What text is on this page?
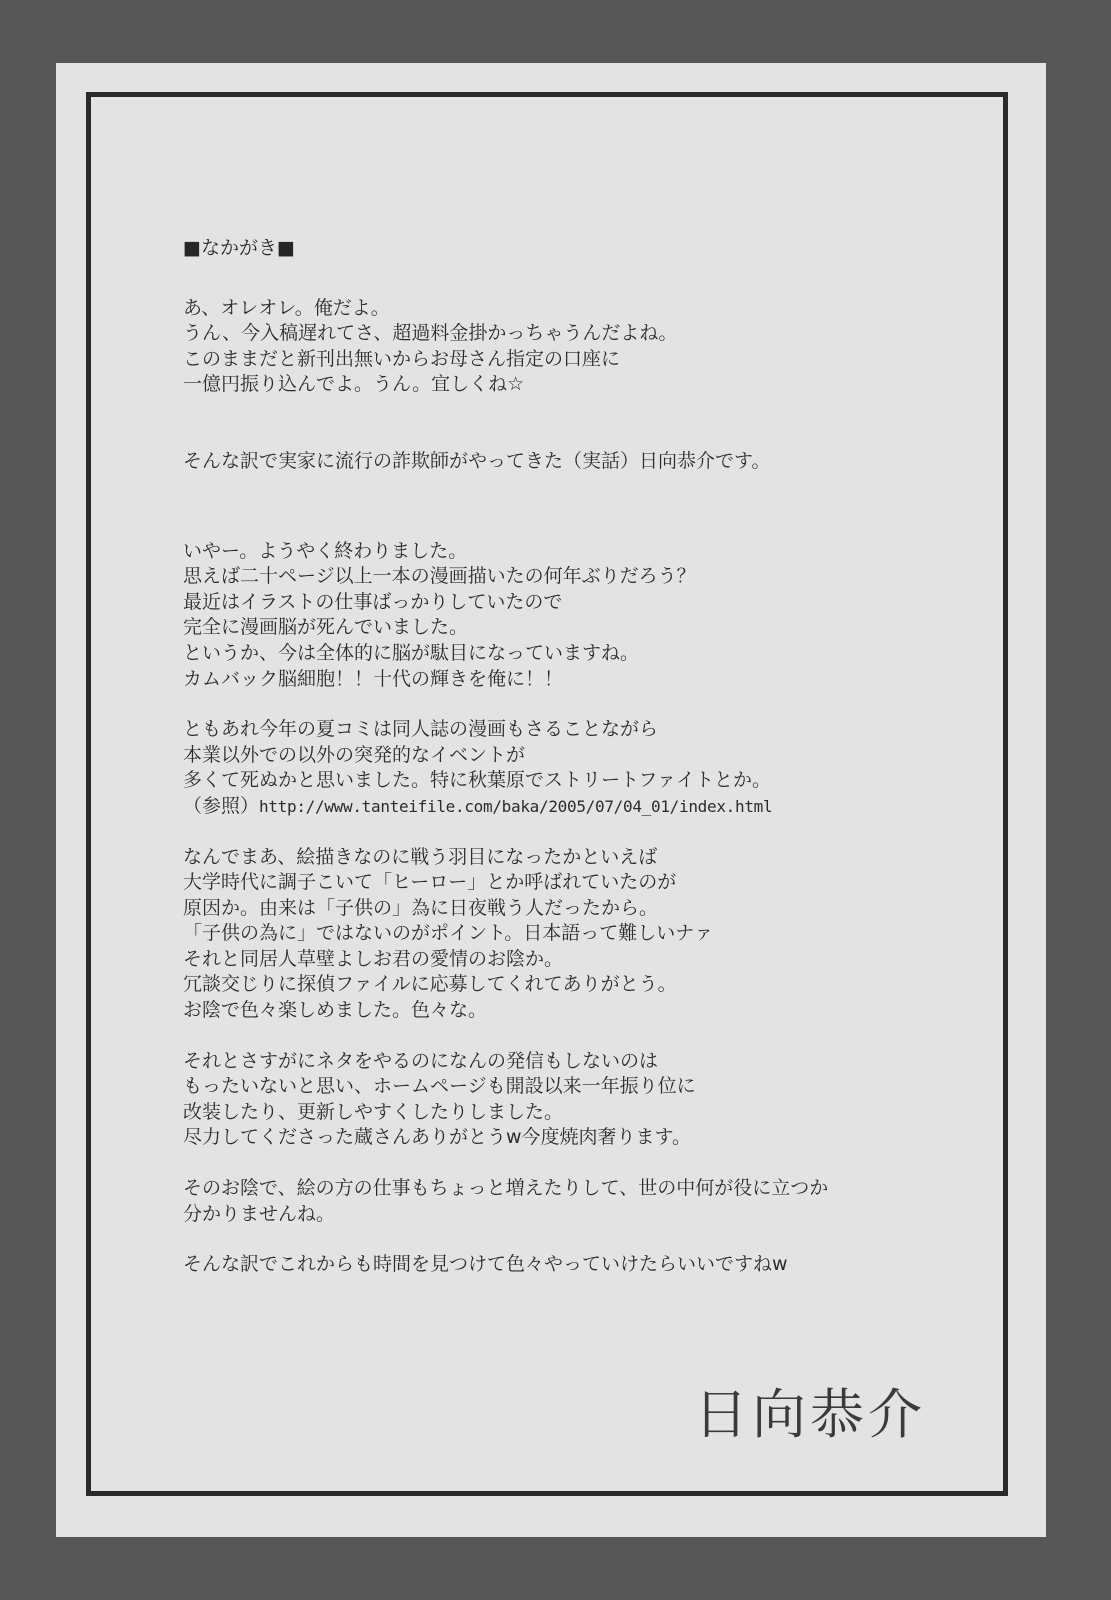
■なかがき■

あ、オレオレ。俺だよ。
うん、今入稿遅れてさ、超過料金掛かっちゃうんだよね。
このままだと新刊出無いからお母さん指定の口座に
一億円振り込んでよ。うん。宜しくね☆

そんな訳で実家に流行の詐欺師がやってきた（実話）日向恭介です。

いやー。ようやく終わりました。
思えば二十ページ以上一本の漫画描いたの何年ぶりだろう？
最近はイラストの仕事ばっかりしていたので
完全に漫画脳が死んでいました。
というか、今は全体的に脳が駄目になっていますね。
カムバック脳細胞！！十代の輝きを俺に！！

ともあれ今年の夏コミは同人誌の漫画もさることながら
本業以外での以外の突発的なイベントが
多くて死ぬかと思いました。特に秋葉原でストリートファイトとか。
（参照）http://www.tanteifile.com/baka/2005/07/04_01/index.html

なんでまあ、絵描きなのに戦う羽目になったかといえば
大学時代に調子こいて「ヒーロー」とか呼ばれていたのが
原因か。由来は「子供の」為に日夜戦う人だったから。
「子供の為に」ではないのがポイント。日本語って難しいナァ
それと同居人草壁よしお君の愛情のお陰か。
冗談交じりに探偵ファイルに応募してくれてありがとう。
お陰で色々楽しめました。色々な。

それとさすがにネタをやるのになんの発信もしないのは
もったいないと思い、ホームページも開設以来一年振り位に
改装したり、更新しやすくしたりしました。
尽力してくださった蔵さんありがとうw今度焼肉奢ります。

そのお陰で、絵の方の仕事もちょっと増えたりして、世の中何が役に立つか
分かりませんね。

そんな訳でこれからも時間を見つけて色々やっていけたらいいですねw

日向恭介
